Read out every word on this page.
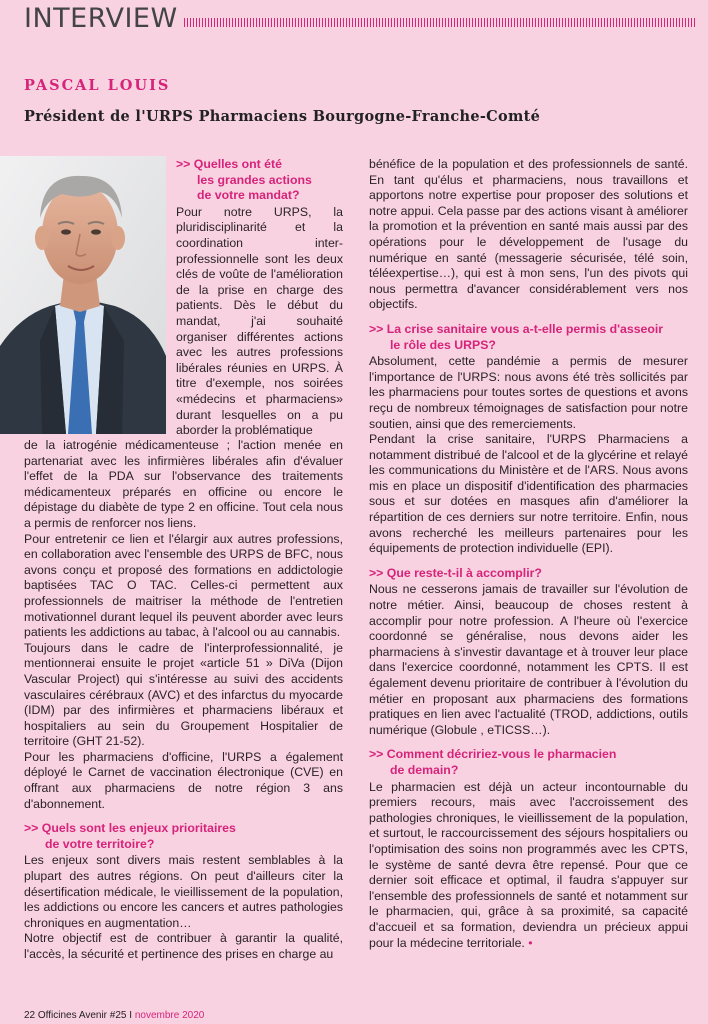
INTERVIEW
PASCAL LOUIS
Président de l'URPS Pharmaciens Bourgogne-Franche-Comté

>> Quelles ont été
les grandes actions
de votre mandat?

Pour notre URPS, la pluridisciplinarité et la coordination inter-professionnelle sont les deux clés de voûte de l'amélioration de la prise en charge des patients. Dès le début du mandat, j'ai souhaité organiser différentes actions avec les autres professions libérales réunies en URPS. À titre d'exemple, nos soirées «médecins et pharmaciens» durant lesquelles on a pu aborder la problématique

de la iatrogénie médicamenteuse ; l'action menée en partenariat avec les infirmières libérales afin d'évaluer l'effet de la PDA sur l'observance des traitements médicamenteux préparés en officine ou encore le dépistage du diabète de type 2 en officine. Tout cela nous a permis de renforcer nos liens.

Pour entretenir ce lien et l'élargir aux autres professions, en collaboration avec l'ensemble des URPS de BFC, nous avons conçu et proposé des formations en addictologie baptisées TAC O TAC. Celles-ci permettent aux professionnels de maitriser la méthode de l'entretien motivationnel durant lequel ils peuvent aborder avec leurs patients les addictions au tabac, à l'alcool ou au cannabis.

Toujours dans le cadre de l'interprofessionnalité, je mentionnerai ensuite le projet «article 51 » DiVa (Dijon Vascular Project) qui s'intéresse au suivi des accidents vasculaires cérébraux (AVC) et des infarctus du myocarde (IDM) par des infirmières et pharmaciens libéraux et hospitaliers au sein du Groupement Hospitalier de territoire (GHT 21-52).

Pour les pharmaciens d'officine, l'URPS a également déployé le Carnet de vaccination électronique (CVE) en offrant aux pharmaciens de notre région 3 ans d'abonnement.

>> Quels sont les enjeux prioritaires
de votre territoire?

Les enjeux sont divers mais restent semblables à la plupart des autres régions. On peut d'ailleurs citer la désertification médicale, le vieillissement de la population, les addictions ou encore les cancers et autres pathologies chroniques en augmentation…

Notre objectif est de contribuer à garantir la qualité, l'accès, la sécurité et pertinence des prises en charge au

bénéfice de la population et des professionnels de santé. En tant qu'élus et pharmaciens, nous travaillons et apportons notre expertise pour proposer des solutions et notre appui. Cela passe par des actions visant à améliorer la promotion et la prévention en santé mais aussi par des opérations pour le développement de l'usage du numérique en santé (messagerie sécurisée, télé soin, téléexpertise…), qui est à mon sens, l'un des pivots qui nous permettra d'avancer considérablement vers nos objectifs.

>> La crise sanitaire vous a-t-elle permis d'asseoir
le rôle des URPS?

Absolument, cette pandémie a permis de mesurer l'importance de l'URPS: nous avons été très sollicités par les pharmaciens pour toutes sortes de questions et avons reçu de nombreux témoignages de satisfaction pour notre soutien, ainsi que des remerciements.

Pendant la crise sanitaire, l'URPS Pharmaciens a notamment distribué de l'alcool et de la glycérine et relayé les communications du Ministère et de l'ARS. Nous avons mis en place un dispositif d'identification des pharmacies sous et sur dotées en masques afin d'améliorer la répartition de ces derniers sur notre territoire. Enfin, nous avons recherché les meilleurs partenaires pour les équipements de protection individuelle (EPI).

>> Que reste-t-il à accomplir?

Nous ne cesserons jamais de travailler sur l'évolution de notre métier. Ainsi, beaucoup de choses restent à accomplir pour notre profession. A l'heure où l'exercice coordonné se généralise, nous devons aider les pharmaciens à s'investir davantage et à trouver leur place dans l'exercice coordonné, notamment les CPTS. Il est également devenu prioritaire de contribuer à l'évolution du métier en proposant aux pharmaciens des formations pratiques en lien avec l'actualité (TROD, addictions, outils numérique (Globule , eTICSS…).

>> Comment décririez-vous le pharmacien
de demain?

Le pharmacien est déjà un acteur incontournable du premiers recours, mais avec l'accroissement des pathologies chroniques, le vieillissement de la population, et surtout, le raccourcissement des séjours hospitaliers ou l'optimisation des soins non programmés avec les CPTS, le système de santé devra être repensé. Pour que ce dernier soit efficace et optimal, il faudra s'appuyer sur l'ensemble des professionnels de santé et notamment sur le pharmacien, qui, grâce à sa proximité, sa capacité d'accueil et sa formation, deviendra un précieux appui pour la médecine territoriale. •

22 Officines Avenir #25 I novembre 2020
